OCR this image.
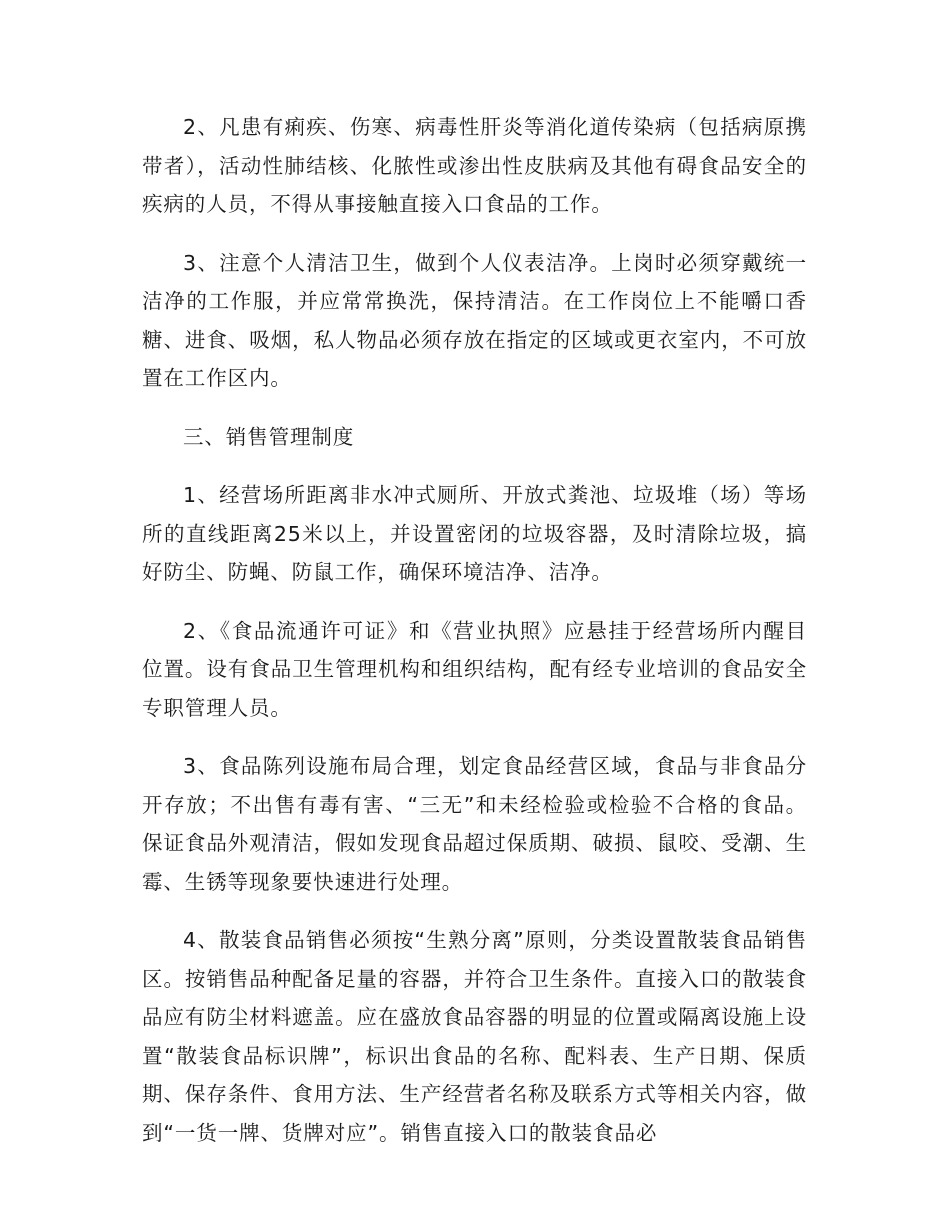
2、凡患有痢疾、伤寒、病毒性肝炎等消化道传染病（包括病原携带者），活动性肺结核、化脓性或渗出性皮肤病及其他有碍食品安全的疾病的人员，不得从事接触直接入口食品的工作。

3、注意个人清洁卫生，做到个人仪表洁净。上岗时必须穿戴统一洁净的工作服，并应常常换洗，保持清洁。在工作岗位上不能嚼口香糖、进食、吸烟，私人物品必须存放在指定的区域或更衣室内，不可放置在工作区内。

三、销售管理制度

1、经营场所距离非水冲式厕所、开放式粪池、垃圾堆（场）等场所的直线距离25米以上，并设置密闭的垃圾容器，及时清除垃圾，搞好防尘、防蝇、防鼠工作，确保环境洁净、洁净。

2、《食品流通许可证》和《营业执照》应悬挂于经营场所内醒目位置。设有食品卫生管理机构和组织结构，配有经专业培训的食品安全专职管理人员。

3、食品陈列设施布局合理，划定食品经营区域，食品与非食品分开存放；不出售有毒有害、“三无”和未经检验或检验不合格的食品。保证食品外观清洁，假如发现食品超过保质期、破损、鼠咬、受潮、生霉、生锈等现象要快速进行处理。

4、散装食品销售必须按“生熟分离”原则，分类设置散装食品销售区。按销售品种配备足量的容器，并符合卫生条件。直接入口的散装食品应有防尘材料遮盖。应在盛放食品容器的明显的位置或隔离设施上设置“散装食品标识牌”，标识出食品的名称、配料表、生产日期、保质期、保存条件、食用方法、生产经营者名称及联系方式等相关内容，做到“一货一牌、货牌对应”。销售直接入口的散装食品必
